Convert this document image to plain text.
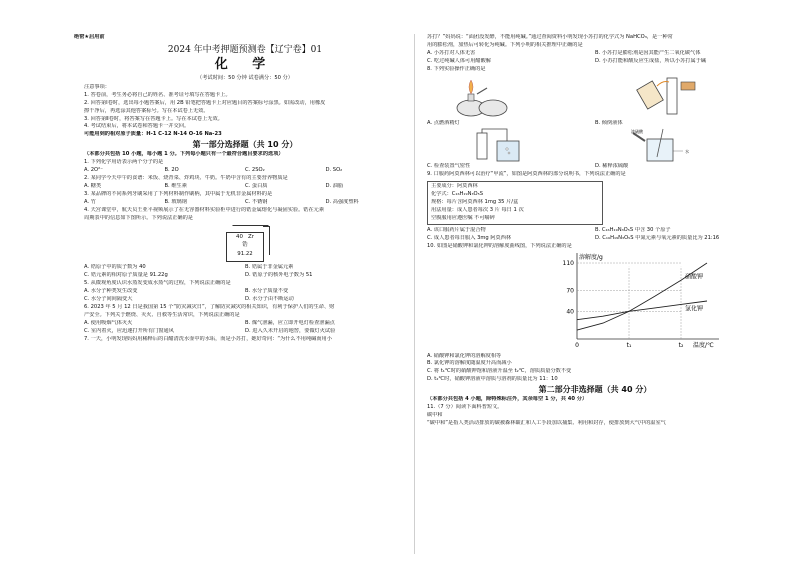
绝密★启用前
2024 年中考押题预测卷【辽宁卷】01
化 学
（考试时间：50 分钟 试卷满分：50 分）
注意事项：
1. 答卷前，考生务必将自己的姓名、准考证号填写在答题卡上。
2. 回答第Ⅰ卷时，选出每小题答案后，用 2B 铅笔把答题卡上对应题目的答案标号涂黑。如需改动，用橡皮
擦干净后，再选涂其他答案标号。写在本试卷上无效。
3. 回答第Ⅱ卷时，将答案写在答题卡上。写在本试卷上无效。
4. 考试结束后，将本试卷和答题卡一并交回。
可能用到的相对原子质量：H-1 C-12 N-14 O-16 Na-23
第一部分选择题（共 10 分）
（本部分共包括 10 小题，每小题 1 分。下列每小题只有一个最符合题目要求的选项）
1. 下列化学用语表示两个分子的是
A. 2O²⁻	B. 2O	C. 2SO₂	D. SO₂
2. 某同学今天中午的食谱：米饭、烧青菜、炸鸡块、牛奶。牛奶中含有的主要营养物质是
A. 糖类	B. 维生素	C. 蛋白质	D. 油脂
3. 某品牌的不同系列牙刷采用了下列材料制作刷柄，其中属于无机非金属材料的是
A. 竹	B. 玻璃钢	C. 不锈钢	D. 高强度塑料
4. 天宫课堂中，航天员王亚平视频展示了在无容器材料实验柜中进行的锆金属熔化与凝固实验。锆在元素
周期表中的信息如下图所示。下列说法正确的是
40 Zr
锆
91.22
A. 锆原子中的质子数为 40	B. 锆属于非金属元素
C. 锆元素的相对原子质量是 91.22g	D. 锆原子的核外电子数为 51
5. 从微观角度认识水蒸发变成水蒸气的过程，下列说法正确的是
A. 水分子种类发生改变	B. 水分子质量不变
C. 水分子间间隔变大	D. 水分子由不断运动
6. 2023 年 5 月 12 日是我国第 15 个“防灾减灾日”，了解防灾减灾的相关知识，有利于保护人们的生命、财
产安全。下列关于燃烧、灭火、自救等生活常识，下列说法正确的是
A. 使用吸烟气体灭火	B. 煤气泄漏，应立即开电灯检查泄漏点
C. 室内着火，应迅速打开所有门窗通风	D. 进入久未开启的地窖，要做灯火试验
7. 一天，小明发现妈妈用稀释后的白醋清洗水壶中的水垢，而是小苏打，她好奇问：“为什么不用纯碱而用小
苏打？”妈妈说：“面团没发酵，不能用纯碱。”通过查阅资料小明发现小苏打的化学式为 NaHCO₃，是一种常
用的膨松剂，加热后可转化为纯碱。下列小明的相关推理中正确的是
A. 小苏打对人体无害	B. 小苏打是膨松剂是因其能产生二氧化碳气体
C. 吃过纯碱人体可用醋酸解	D. 小苏打能和酸反应生成盐，所以小苏打属于碱
8. 下列实验操作正确的是
A. 点燃酒精灯	B. 倾倒液体
浓硫酸
水
C. 检查装置气密性	D. 稀释浓硫酸
9. 口服药阿莫西林可以治疗“甲流”，如图是阿莫西林的部分说明书，下列说法正确的是
主要成分：阿莫西林
化学式：C₁₆H₁₉N₃O₅S
规格：每片含阿莫西林 1mg 35 片/盒
用法用量：成人患者每次 3 片 每日 1 次
空腹服用应遵医嘱 不可嚼碎
A. 该口服药片属于混合物	B. C₁₆H₁₉N₃O₅S 中含 30 个原子
C. 成人患者每日服入 3mg 阿莫西林	D. C₁₆H₁₉N₃O₅S 中氮元素与氧元素的质量比为 21:16
10. 如图是硝酸钾和氯化钾的溶解度曲线图，下列说法正确的是
溶解度/g
温度/℃
110
70
40
0	t₁	t₂
硝酸钾
氯化钾
A. 硝酸钾和氯化钾的溶解度相等
B. 氯化钾的溶解度随温度升高而减小
C. 将 t₁℃时的硝酸钾饱和溶液升温至 t₂℃，溶质质量分数不变
D. t₂℃时，硝酸钾溶液中溶质与溶剂的质量比为 11：10
第二部分非选择题（共 40 分）
（本部分共包括 4 小题，除特殊标注外，其余每空 1 分，共 40 分）
11.（7 分）阅读下面科普短文。
碳中和
“碳中和”是指人类活动排放的碳被森林碳汇和人工手段加以捕集、利用和封存，使排放到大气中的温室气
